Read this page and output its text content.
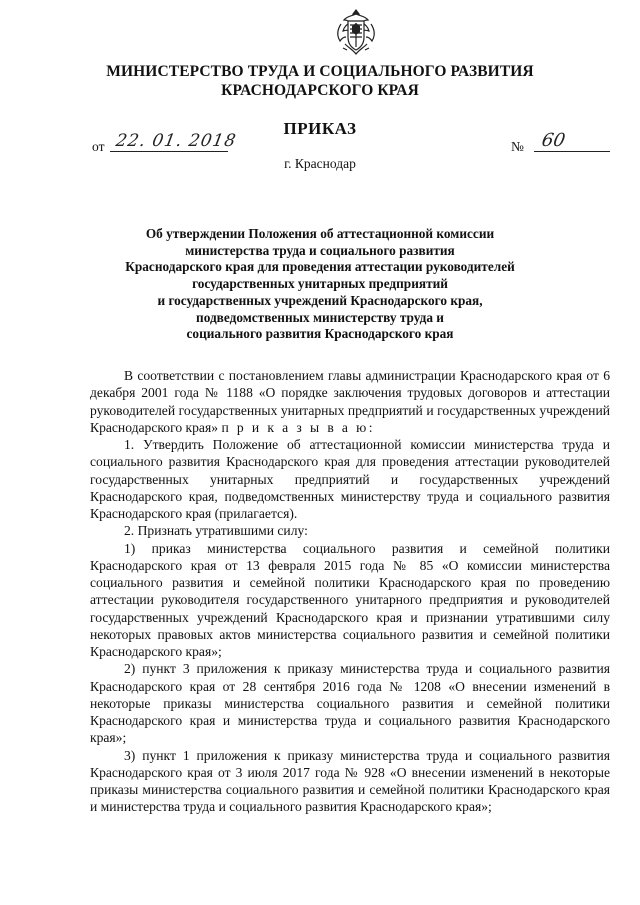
МИНИСТЕРСТВО ТРУДА И СОЦИАЛЬНОГО РАЗВИТИЯ
КРАСНОДАРСКОГО КРАЯ
ПРИКАЗ
от 22. 01. 2018	№ 60
г. Краснодар
Об утверждении Положения об аттестационной комиссии
министерства труда и социального развития
Краснодарского края для проведения аттестации руководителей
государственных унитарных предприятий
и государственных учреждений Краснодарского края,
подведомственных министерству труда и
социального развития Краснодарского края
В соответствии с постановлением главы администрации Краснодарского края от 6 декабря 2001 года № 1188 «О порядке заключения трудовых договоров и аттестации руководителей государственных унитарных предприятий и государственных учреждений Краснодарского края» п р и к а з ы в а ю:
1. Утвердить Положение об аттестационной комиссии министерства труда и социального развития Краснодарского края для проведения аттестации руководителей государственных унитарных предприятий и государственных учреждений Краснодарского края, подведомственных министерству труда и социального развития Краснодарского края (прилагается).
2. Признать утратившими силу:
1) приказ министерства социального развития и семейной политики Краснодарского края от 13 февраля 2015 года № 85 «О комиссии министерства социального развития и семейной политики Краснодарского края по проведению аттестации руководителя государственного унитарного предприятия и руководителей государственных учреждений Краснодарского края и признании утратившими силу некоторых правовых актов министерства социального развития и семейной политики Краснодарского края»;
2) пункт 3 приложения к приказу министерства труда и социального развития Краснодарского края от 28 сентября 2016 года № 1208 «О внесении изменений в некоторые приказы министерства социального развития и семейной политики Краснодарского края и министерства труда и социального развития Краснодарского края»;
3) пункт 1 приложения к приказу министерства труда и социального развития Краснодарского края от 3 июля 2017 года № 928 «О внесении изменений в некоторые приказы министерства социального развития и семейной политики Краснодарского края и министерства труда и социального развития Краснодарского края»;
